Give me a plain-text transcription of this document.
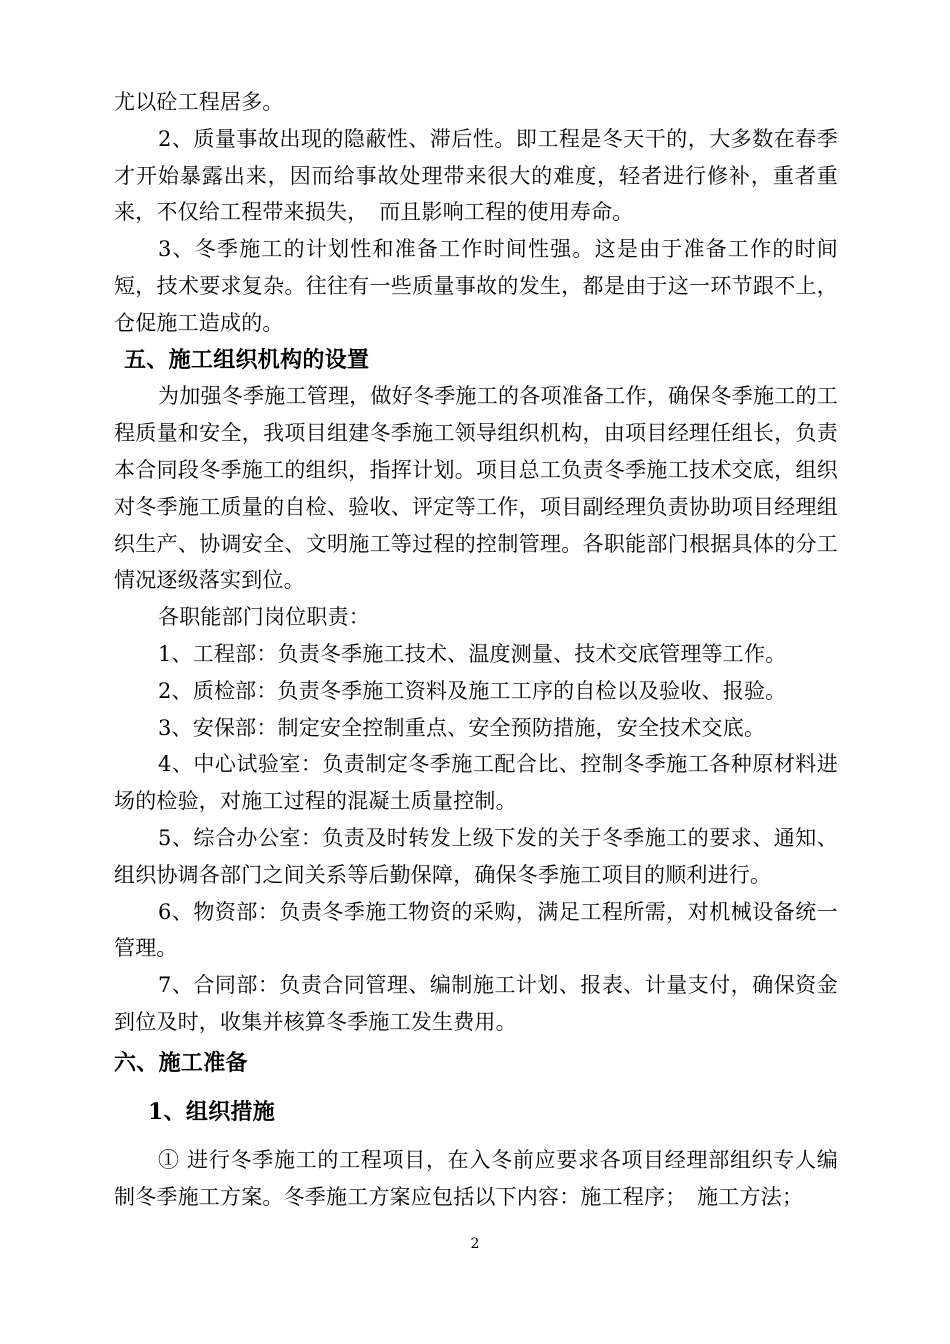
尤以砼工程居多。

2、质量事故出现的隐蔽性、滞后性。即工程是冬天干的，大多数在春季才开始暴露出来，因而给事故处理带来很大的难度，轻者进行修补，重者重来，不仅给工程带来损失，　而且影响工程的使用寿命。

3、冬季施工的计划性和准备工作时间性强。这是由于准备工作的时间短，技术要求复杂。往往有一些质量事故的发生，都是由于这一环节跟不上，仓促施工造成的。

五、施工组织机构的设置

为加强冬季施工管理，做好冬季施工的各项准备工作，确保冬季施工的工程质量和安全，我项目组建冬季施工领导组织机构，由项目经理任组长，负责本合同段冬季施工的组织，指挥计划。项目总工负责冬季施工技术交底，组织对冬季施工质量的自检、验收、评定等工作，项目副经理负责协助项目经理组织生产、协调安全、文明施工等过程的控制管理。各职能部门根据具体的分工情况逐级落实到位。

各职能部门岗位职责：

1、工程部：负责冬季施工技术、温度测量、技术交底管理等工作。

2、质检部：负责冬季施工资料及施工工序的自检以及验收、报验。

3、安保部：制定安全控制重点、安全预防措施，安全技术交底。

4、中心试验室：负责制定冬季施工配合比、控制冬季施工各种原材料进场的检验，对施工过程的混凝土质量控制。

5、综合办公室：负责及时转发上级下发的关于冬季施工的要求、通知、组织协调各部门之间关系等后勤保障，确保冬季施工项目的顺利进行。

6、物资部：负责冬季施工物资的采购，满足工程所需，对机械设备统一管理。

7、合同部：负责合同管理、编制施工计划、报表、计量支付，确保资金到位及时，收集并核算冬季施工发生费用。

六、施工准备
1、组织措施

① 进行冬季施工的工程项目，在入冬前应要求各项目经理部组织专人编制冬季施工方案。冬季施工方案应包括以下内容：施工程序；　施工方法；

2
